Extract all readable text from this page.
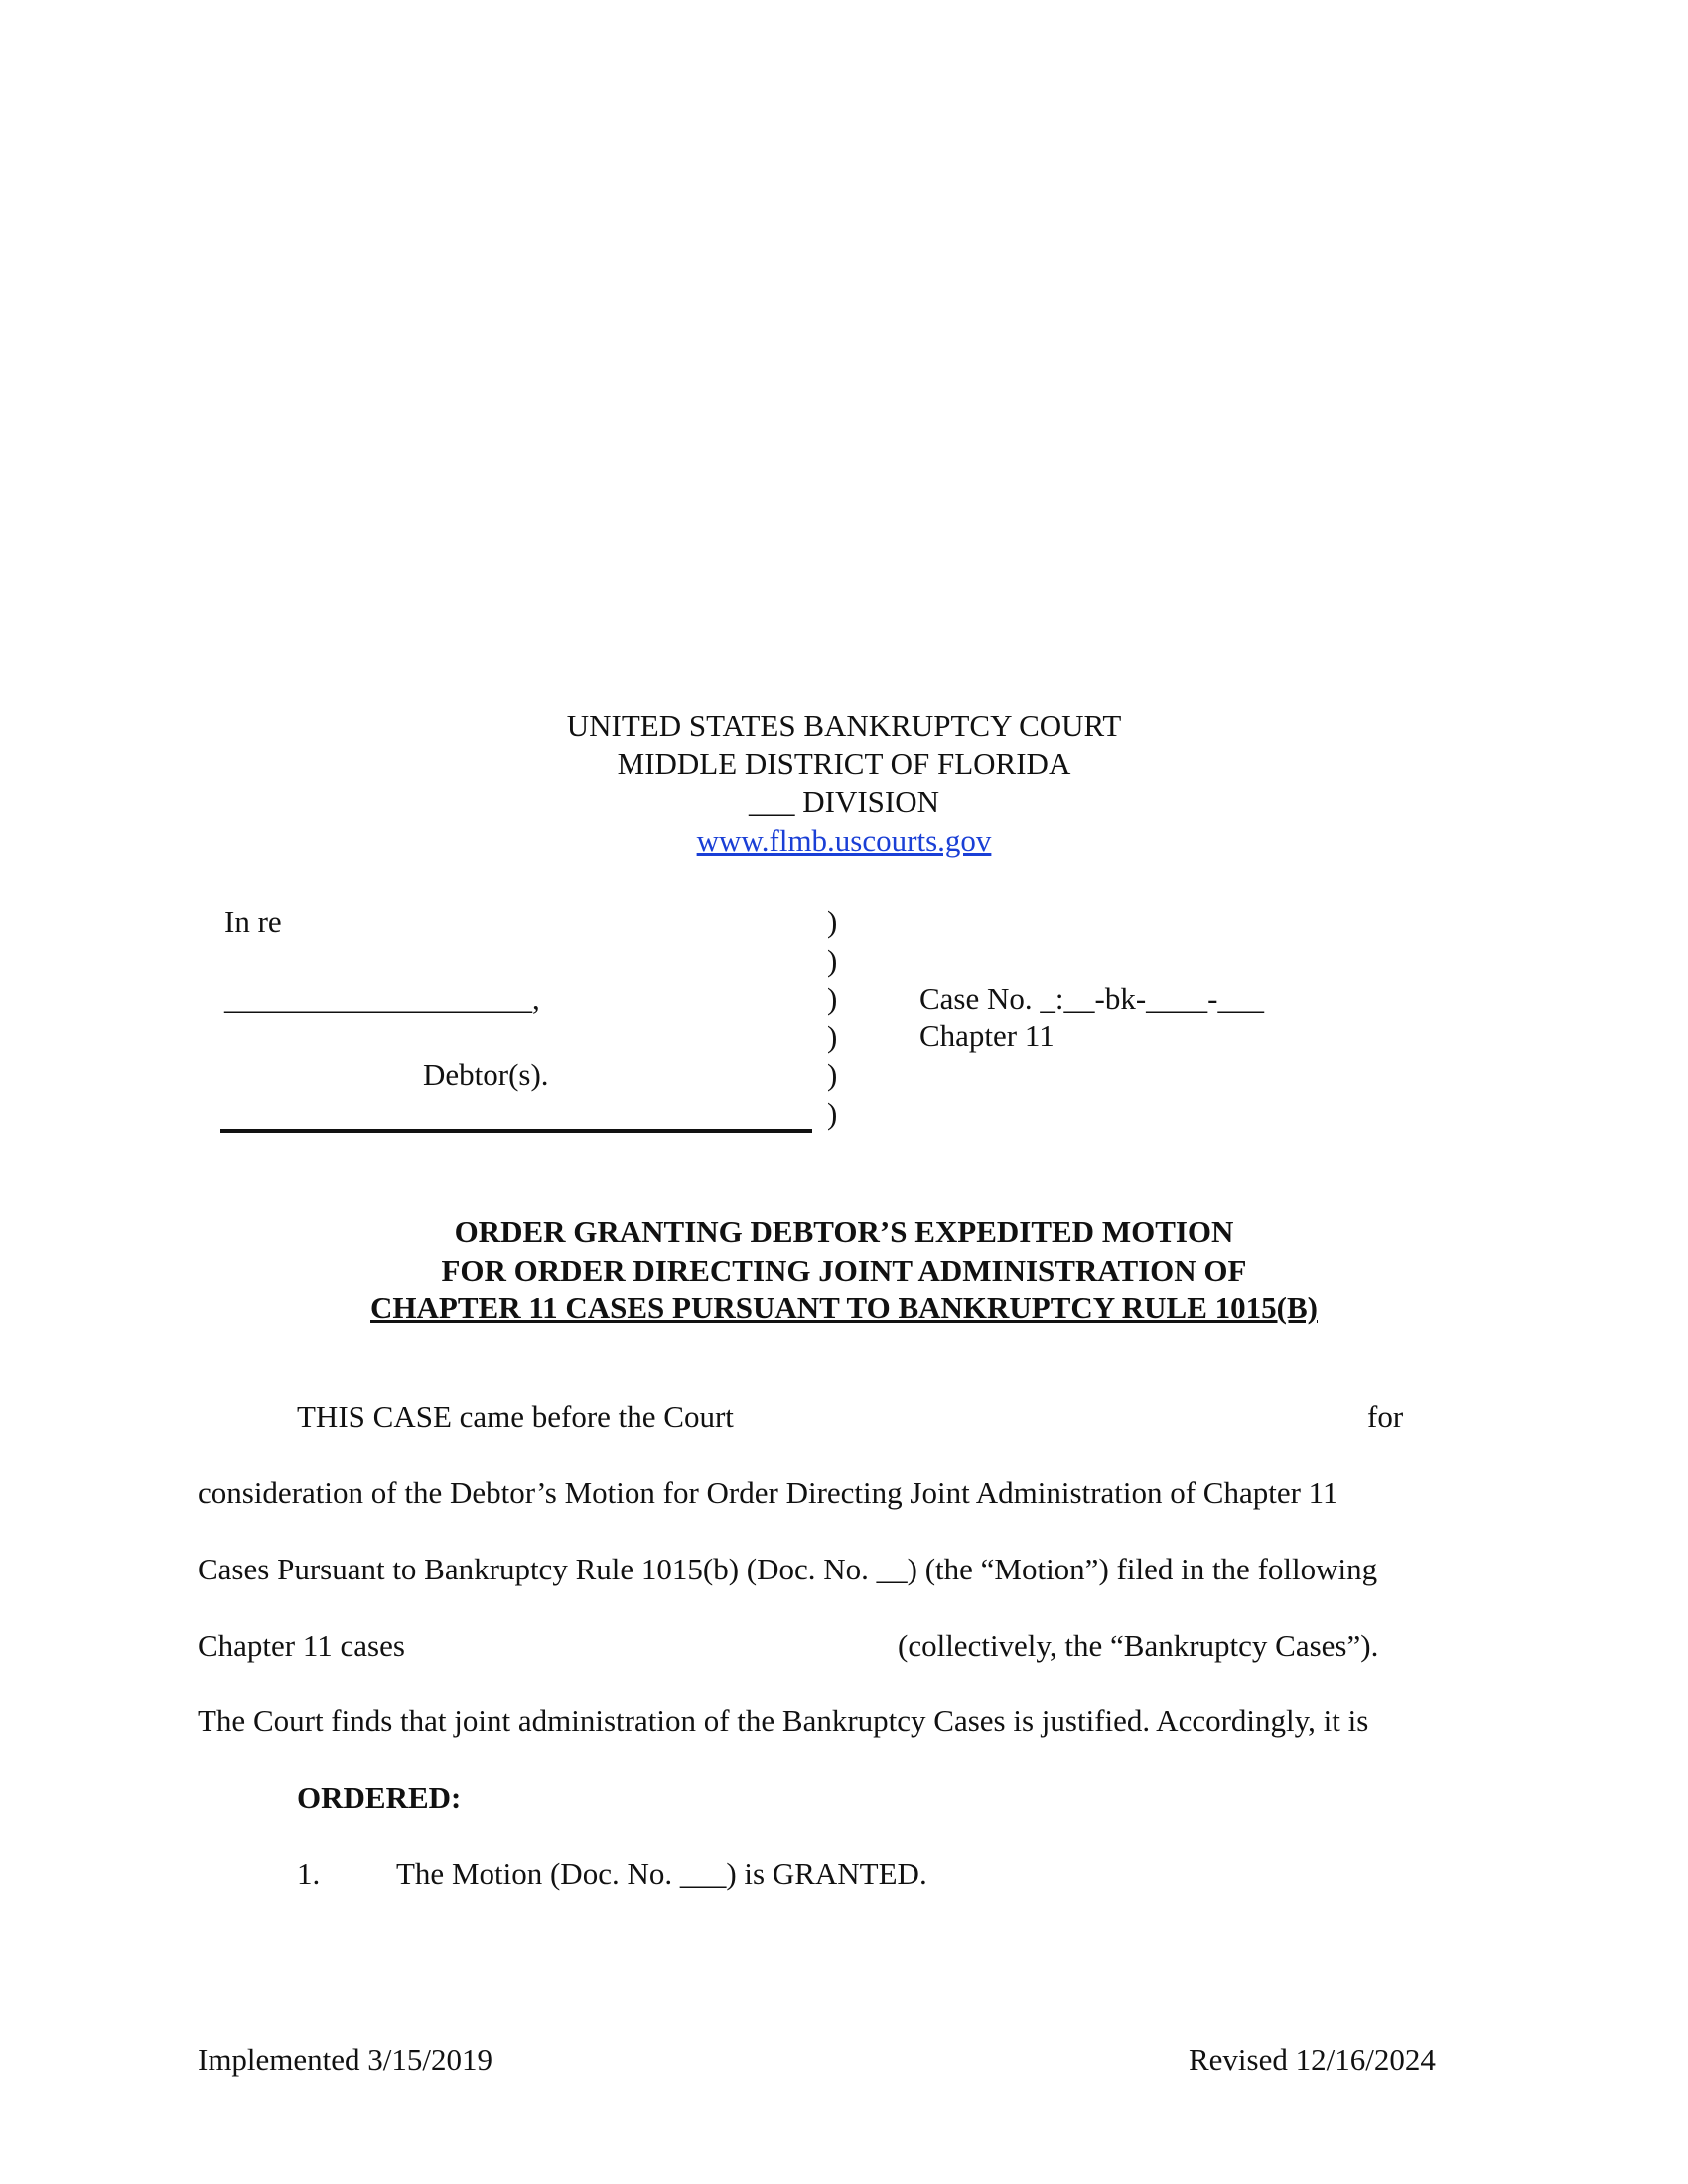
UNITED STATES BANKRUPTCY COURT
MIDDLE DISTRICT OF FLORIDA
___ DIVISION
www.flmb.uscourts.gov
In re
____________________,
Debtor(s).
)
)
)
)
)
)
Case No. _:__-bk-____-___
Chapter 11
ORDER GRANTING DEBTOR’S EXPEDITED MOTION
FOR ORDER DIRECTING JOINT ADMINISTRATION OF
CHAPTER 11 CASES PURSUANT TO BANKRUPTCY RULE 1015(B)
THIS CASE came before the Court	for
consideration of the Debtor’s Motion for Order Directing Joint Administration of Chapter 11
Cases Pursuant to Bankruptcy Rule 1015(b) (Doc. No. __) (the “Motion”) filed in the following
Chapter 11 cases	(collectively, the “Bankruptcy Cases”).
The Court finds that joint administration of the Bankruptcy Cases is justified. Accordingly, it is
ORDERED:
1. The Motion (Doc. No. ___) is GRANTED.
Implemented 3/15/2019	Revised 12/16/2024
